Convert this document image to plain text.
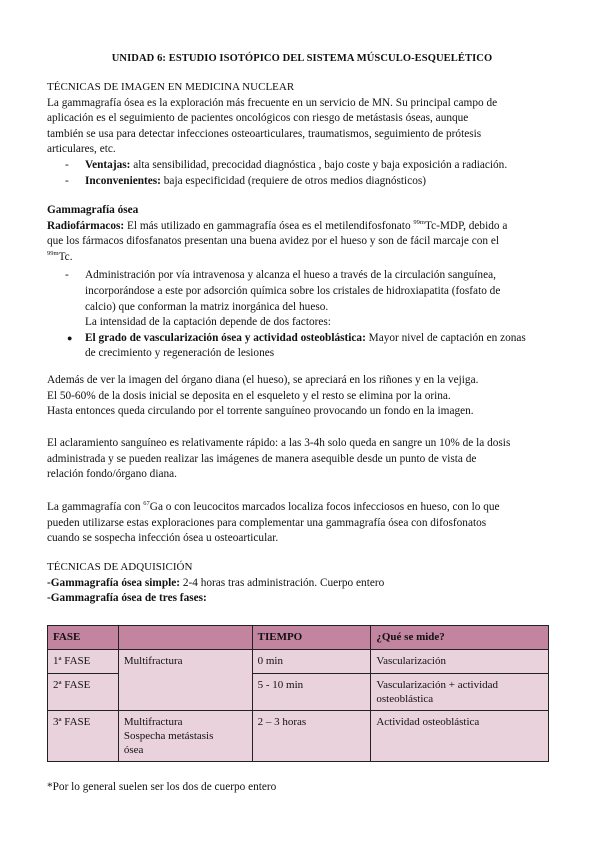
UNIDAD 6: ESTUDIO ISOTÓPICO DEL SISTEMA MÚSCULO-ESQUELÉTICO

TÉCNICAS DE IMAGEN EN MEDICINA NUCLEAR

La gammagrafía ósea es la exploración más frecuente en un servicio de MN. Su principal campo de

aplicación es el seguimiento de pacientes oncológicos con riesgo de metástasis óseas, aunque

también se usa para detectar infecciones osteoarticulares, traumatismos, seguimiento de prótesis

articulares, etc.

- Ventajas: alta sensibilidad, precocidad diagnóstica , bajo coste y baja exposición a radiación.

- Inconvenientes: baja especificidad (requiere de otros medios diagnósticos)

Gammagrafía ósea

Radiofármacos: El más utilizado en gammagrafía ósea es el metilendifosfonato $^{99m}$Tc-MDP, debido a

que los fármacos difosfanatos presentan una buena avidez por el hueso y son de fácil marcaje con el

$^{99m}$Tc.

- Administración por vía intravenosa y alcanza el hueso a través de la circulación sanguínea,

incorporándose a este por adsorción química sobre los cristales de hidroxiapatita (fosfato de

calcio) que conforman la matriz inorgánica del hueso.

La intensidad de la captación depende de dos factores:

● El grado de vascularización ósea y actividad osteoblástica: Mayor nivel de captación en zonas

de crecimiento y regeneración de lesiones

Además de ver la imagen del órgano diana (el hueso), se apreciará en los riñones y en la vejiga.

El 50-60% de la dosis inicial se deposita en el esqueleto y el resto se elimina por la orina.

Hasta entonces queda circulando por el torrente sanguíneo provocando un fondo en la imagen.

El aclaramiento sanguíneo es relativamente rápido: a las 3-4h solo queda en sangre un 10% de la dosis

administrada y se pueden realizar las imágenes de manera asequible desde un punto de vista de

relación fondo/órgano diana.

La gammagrafía con $^{67}$Ga o con leucocitos marcados localiza focos infecciosos en hueso, con lo que

pueden utilizarse estas exploraciones para complementar una gammagrafía ósea con difosfonatos

cuando se sospecha infección ósea u osteoarticular.

TÉCNICAS DE ADQUISICIÓN

-Gammagrafía ósea simple: 2-4 horas tras administración. Cuerpo entero

-Gammagrafía ósea de tres fases:

FASE		TIEMPO	¿Qué se mide?
1ª FASE	Multifractura	0 min	Vascularización
2ª FASE		5 - 10 min	Vascularización + actividad
osteoblástica

3ª FASE	Multifractura
Sospecha metástasis
ósea	2 – 3 horas	Actividad osteoblástica
*Por lo general suelen ser los dos de cuerpo entero
